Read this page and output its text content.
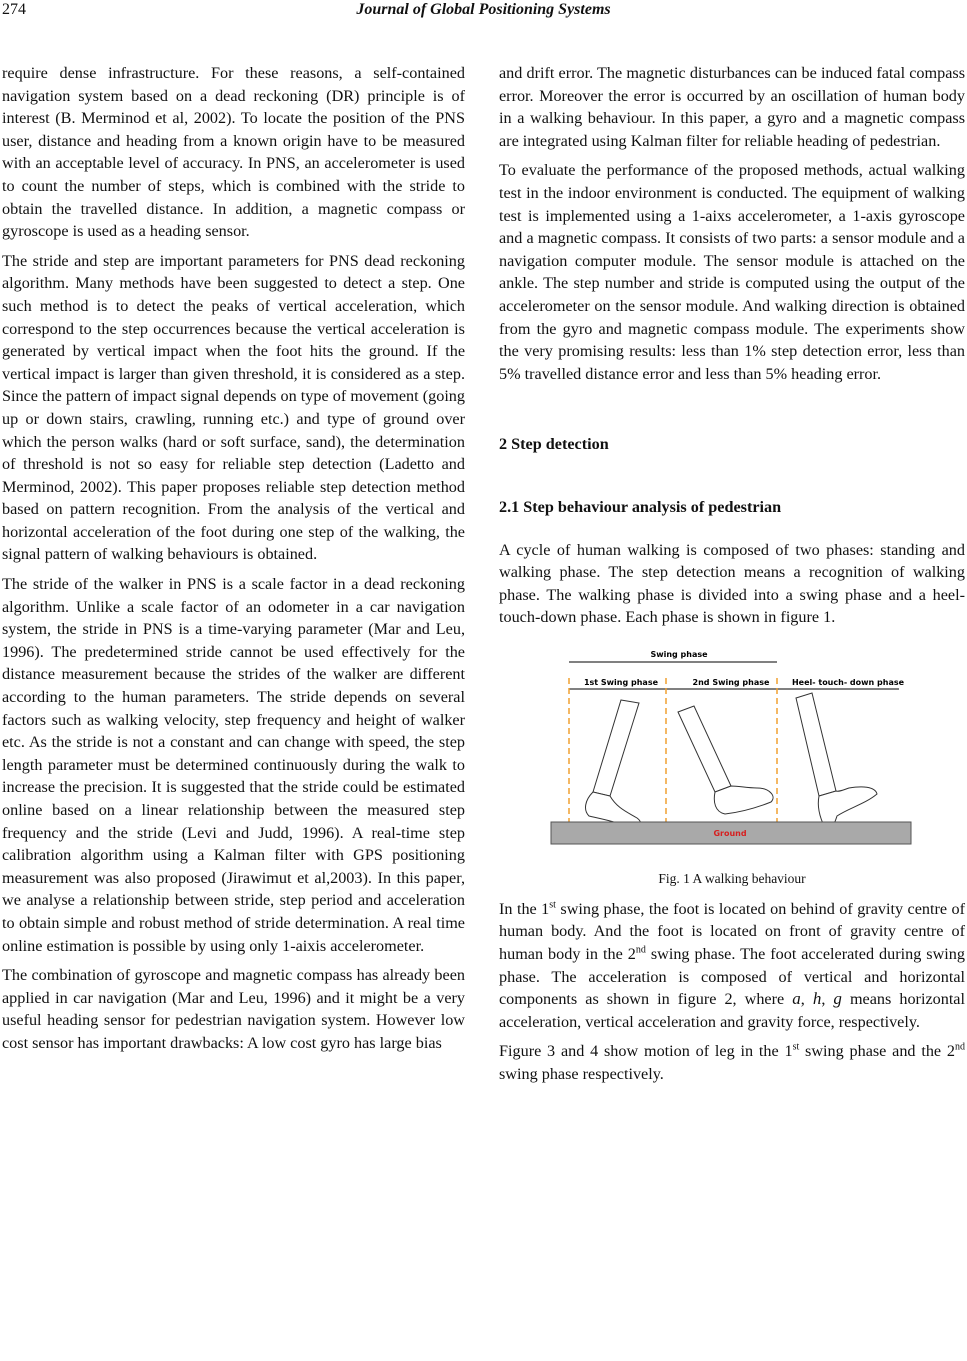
274	Journal of Global Positioning Systems

require dense infrastructure. For these reasons, a self-contained navigation system based on a dead reckoning (DR) principle is of interest (B. Merminod et al, 2002). To locate the position of the PNS user, distance and heading from a known origin have to be measured with an acceptable level of accuracy. In PNS, an accelerometer is used to count the number of steps, which is combined with the stride to obtain the travelled distance. In addition, a magnetic compass or gyroscope is used as a heading sensor.

The stride and step are important parameters for PNS dead reckoning algorithm. Many methods have been suggested to detect a step. One such method is to detect the peaks of vertical acceleration, which correspond to the step occurrences because the vertical acceleration is generated by vertical impact when the foot hits the ground. If the vertical impact is larger than given threshold, it is considered as a step. Since the pattern of impact signal depends on type of movement (going up or down stairs, crawling, running etc.) and type of ground over which the person walks (hard or soft surface, sand), the determination of threshold is not so easy for reliable step detection (Ladetto and Merminod, 2002). This paper proposes reliable step detection method based on pattern recognition. From the analysis of the vertical and horizontal acceleration of the foot during one step of the walking, the signal pattern of walking behaviours is obtained.

The stride of the walker in PNS is a scale factor in a dead reckoning algorithm. Unlike a scale factor of an odometer in a car navigation system, the stride in PNS is a time-varying parameter (Mar and Leu, 1996). The predetermined stride cannot be used effectively for the distance measurement because the strides of the walker are different according to the human parameters. The stride depends on several factors such as walking velocity, step frequency and height of walker etc. As the stride is not a constant and can change with speed, the step length parameter must be determined continuously during the walk to increase the precision. It is suggested that the stride could be estimated online based on a linear relationship between the measured step frequency and the stride (Levi and Judd, 1996). A real-time step calibration algorithm using a Kalman filter with GPS positioning measurement was also proposed (Jirawimut et al,2003). In this paper, we analyse a relationship between stride, step period and acceleration to obtain simple and robust method of stride determination. A real time online estimation is possible by using only 1-aixis accelerometer.

The combination of gyroscope and magnetic compass has already been applied in car navigation (Mar and Leu, 1996) and it might be a very useful heading sensor for pedestrian navigation system. However low cost sensor has important drawbacks: A low cost gyro has large bias

and drift error. The magnetic disturbances can be induced fatal compass error. Moreover the error is occurred by an oscillation of human body in a walking behaviour. In this paper, a gyro and a magnetic compass are integrated using Kalman filter for reliable heading of pedestrian.

To evaluate the performance of the proposed methods, actual walking test in the indoor environment is conducted. The equipment of walking test is implemented using a 1-aixs accelerometer, a 1-axis gyroscope and a magnetic compass. It consists of two parts: a sensor module and a navigation computer module. The sensor module is attached on the ankle. The step number and stride is computed using the output of the accelerometer on the sensor module. And walking direction is obtained from the gyro and magnetic compass module. The experiments show the very promising results: less than 1% step detection error, less than 5% travelled distance error and less than 5% heading error.

2 Step detection
2.1 Step behaviour analysis of pedestrian

A cycle of human walking is composed of two phases: standing and walking phase. The step detection means a recognition of walking phase. The walking phase is divided into a swing phase and a heel-touch-down phase. Each phase is shown in figure 1.

Swing phase
1st Swing phase	2nd Swing phase	Heel- touch- down phase
Ground
Fig. 1 A walking behaviour

In the 1st swing phase, the foot is located on behind of gravity centre of human body. And the foot is located on front of gravity centre of human body in the 2nd swing phase. The foot accelerated during swing phase. The acceleration is composed of vertical and horizontal components as shown in figure 2, where a, h, g means horizontal acceleration, vertical acceleration and gravity force, respectively.

Figure 3 and 4 show motion of leg in the 1st swing phase and the 2nd swing phase respectively.
